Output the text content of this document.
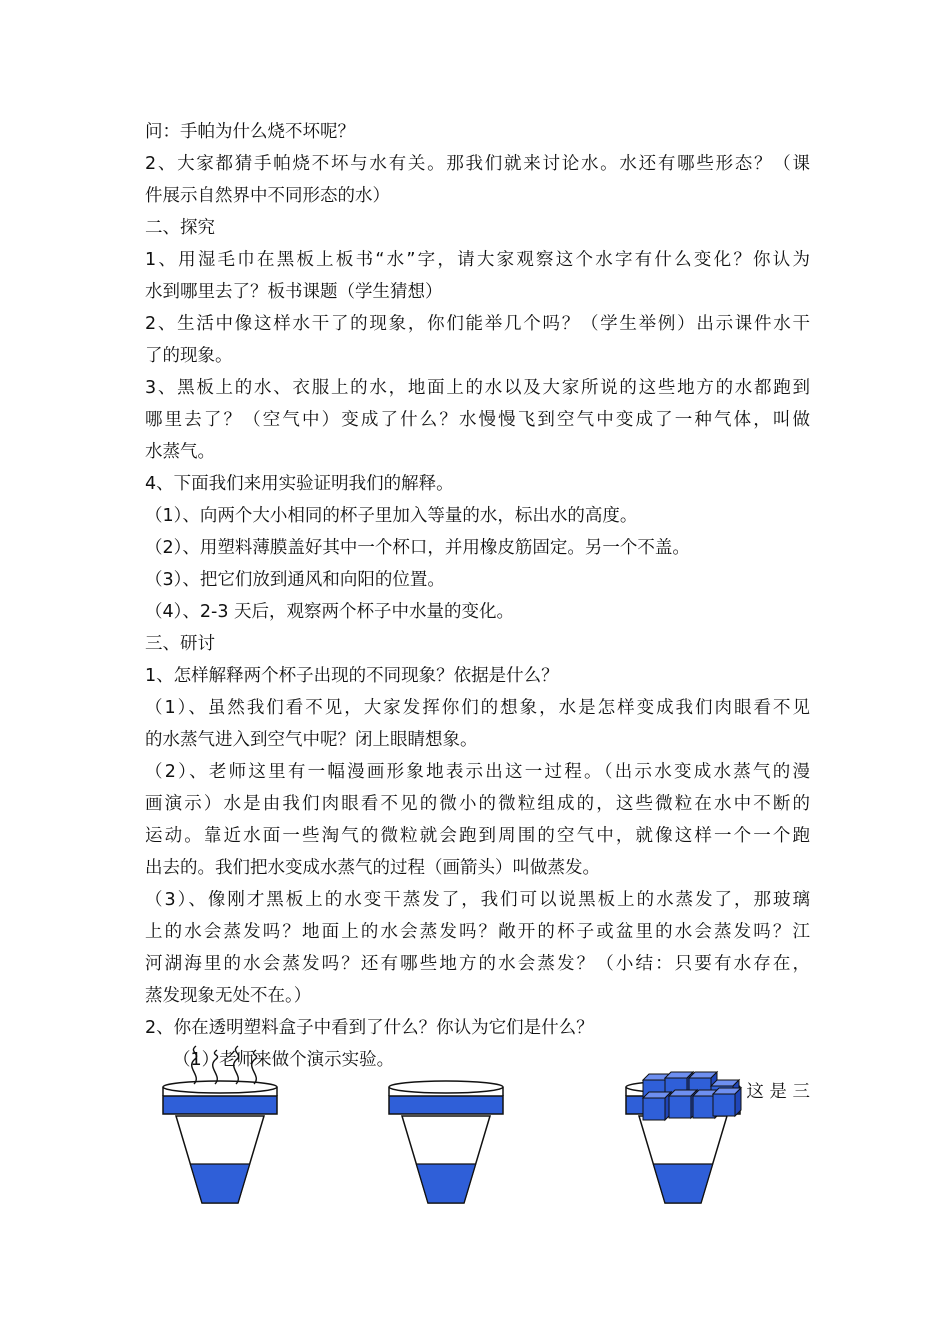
问：手帕为什么烧不坏呢？
2、大家都猜手帕烧不坏与水有关。那我们就来讨论水。水还有哪些形态？（课
件展示自然界中不同形态的水）
二、探究
1、用湿毛巾在黑板上板书“水”字，请大家观察这个水字有什么变化？你认为
水到哪里去了？板书课题（学生猜想）
2、生活中像这样水干了的现象，你们能举几个吗？（学生举例）出示课件水干
了的现象。
3、黑板上的水、衣服上的水，地面上的水以及大家所说的这些地方的水都跑到
哪里去了？（空气中）变成了什么？水慢慢飞到空气中变成了一种气体，叫做
水蒸气。
4、下面我们来用实验证明我们的解释。
（1）、向两个大小相同的杯子里加入等量的水，标出水的高度。
（2）、用塑料薄膜盖好其中一个杯口，并用橡皮筋固定。另一个不盖。
（3）、把它们放到通风和向阳的位置。
（4）、2-3 天后，观察两个杯子中水量的变化。
三、研讨
1、怎样解释两个杯子出现的不同现象？依据是什么？
（1）、虽然我们看不见，大家发挥你们的想象，水是怎样变成我们肉眼看不见
的水蒸气进入到空气中呢？闭上眼睛想象。
（2）、老师这里有一幅漫画形象地表示出这一过程。（出示水变成水蒸气的漫
画演示）水是由我们肉眼看不见的微小的微粒组成的，这些微粒在水中不断的
运动。靠近水面一些淘气的微粒就会跑到周围的空气中，就像这样一个一个跑
出去的。我们把水变成水蒸气的过程（画箭头）叫做蒸发。
（3）、像刚才黑板上的水变干蒸发了，我们可以说黑板上的水蒸发了，那玻璃
上的水会蒸发吗？地面上的水会蒸发吗？敞开的杯子或盆里的水会蒸发吗？江
河湖海里的水会蒸发吗？还有哪些地方的水会蒸发？（小结：只要有水存在，
蒸发现象无处不在。）
2、你在透明塑料盒子中看到了什么？你认为它们是什么？
（1）老师来做个演示实验。
这 是 三
